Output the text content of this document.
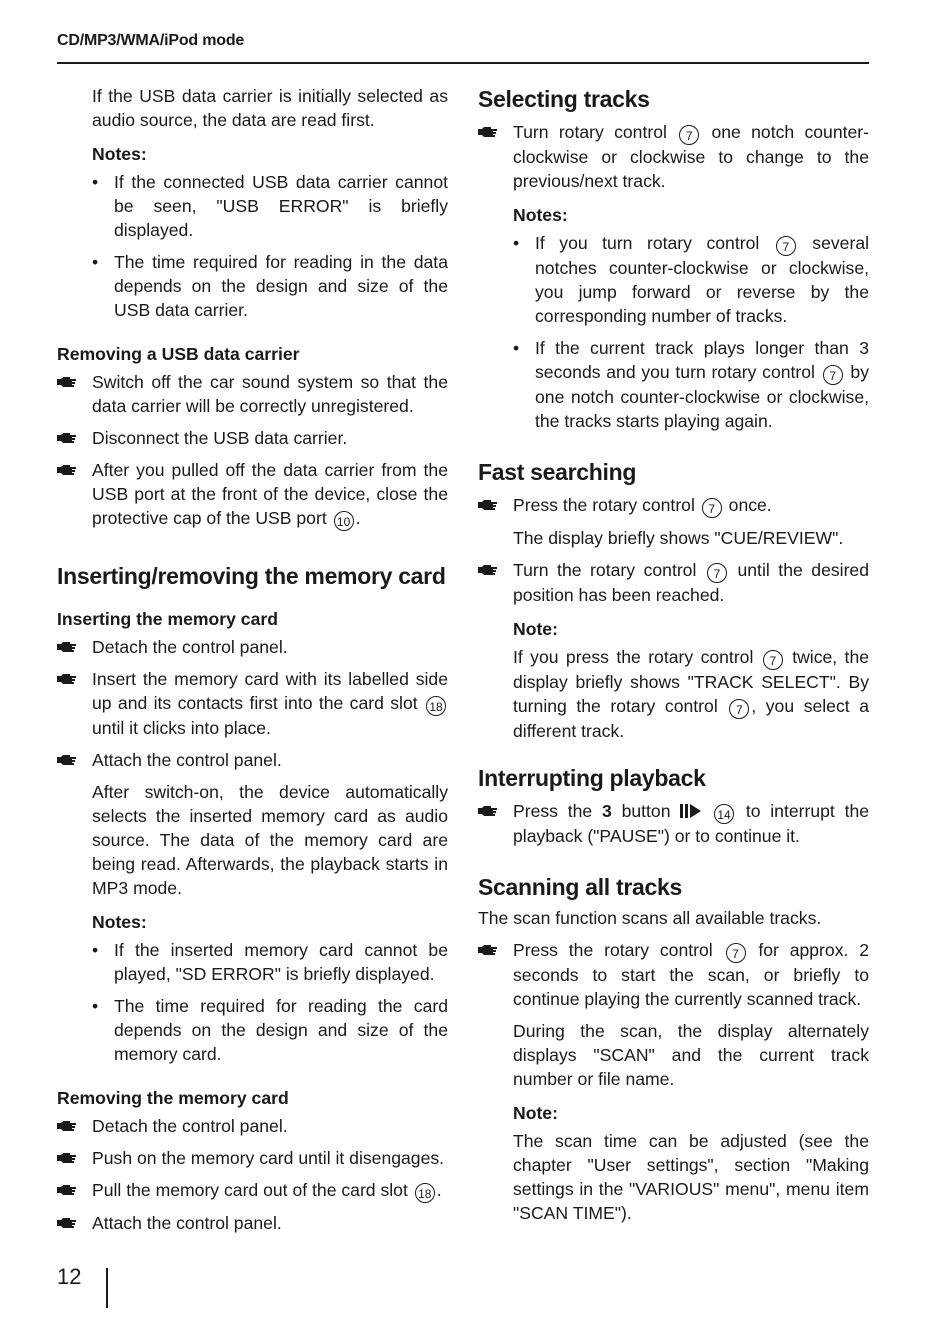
CD/MP3/WMA/iPod mode

If the USB data carrier is initially selected as audio source, the data are read first.

Notes:
• If the connected USB data carrier cannot be seen, "USB ERROR" is briefly displayed.
• The time required for reading in the data depends on the design and size of the USB data carrier.
Removing a USB data carrier
Switch off the car sound system so that the data carrier will be correctly unregistered.
Disconnect the USB data carrier.
After you pulled off the data carrier from the USB port at the front of the device, close the protective cap of the USB port 10 .
Inserting/removing the memory card
Inserting the memory card
Detach the control panel.
Insert the memory card with its labelled side up and its contacts first into the card slot 18 until it clicks into place.
Attach the control panel.

After switch-on, the device automatically selects the inserted memory card as audio source. The data of the memory card are being read. Afterwards, the playback starts in MP3 mode.

Notes:
• If the inserted memory card cannot be played, "SD ERROR" is briefly displayed.
• The time required for reading the card depends on the design and size of the memory card.
Removing the memory card
Detach the control panel.
Push on the memory card until it disengages.
Pull the memory card out of the card slot 18 .
Attach the control panel.
Selecting tracks
Turn rotary control 7 one notch counter-clockwise or clockwise to change to the previous/next track.
Notes:
• If you turn rotary control 7 several notches counter-clockwise or clockwise, you jump forward or reverse by the corresponding number of tracks.
• If the current track plays longer than 3 seconds and you turn rotary control 7 by one notch counter-clockwise or clockwise, the tracks starts playing again.
Fast searching
Press the rotary control 7 once.

The display briefly shows "CUE/REVIEW".

Turn the rotary control 7 until the desired position has been reached.
Note:

If you press the rotary control 7 twice, the display briefly shows "TRACK SELECT". By turning the rotary control 7 , you select a different track.

Interrupting playback
Press the 3 button	14 to interrupt the playback ("PAUSE") or to continue it.
Scanning all tracks

The scan function scans all available tracks.

Press the rotary control 7 for approx. 2 seconds to start the scan, or briefly to continue playing the currently scanned track.

During the scan, the display alternately displays "SCAN" and the current track number or file name.

Note:

The scan time can be adjusted (see the chapter "User settings", section "Making settings in the "VARIOUS" menu", menu item "SCAN TIME").

12
